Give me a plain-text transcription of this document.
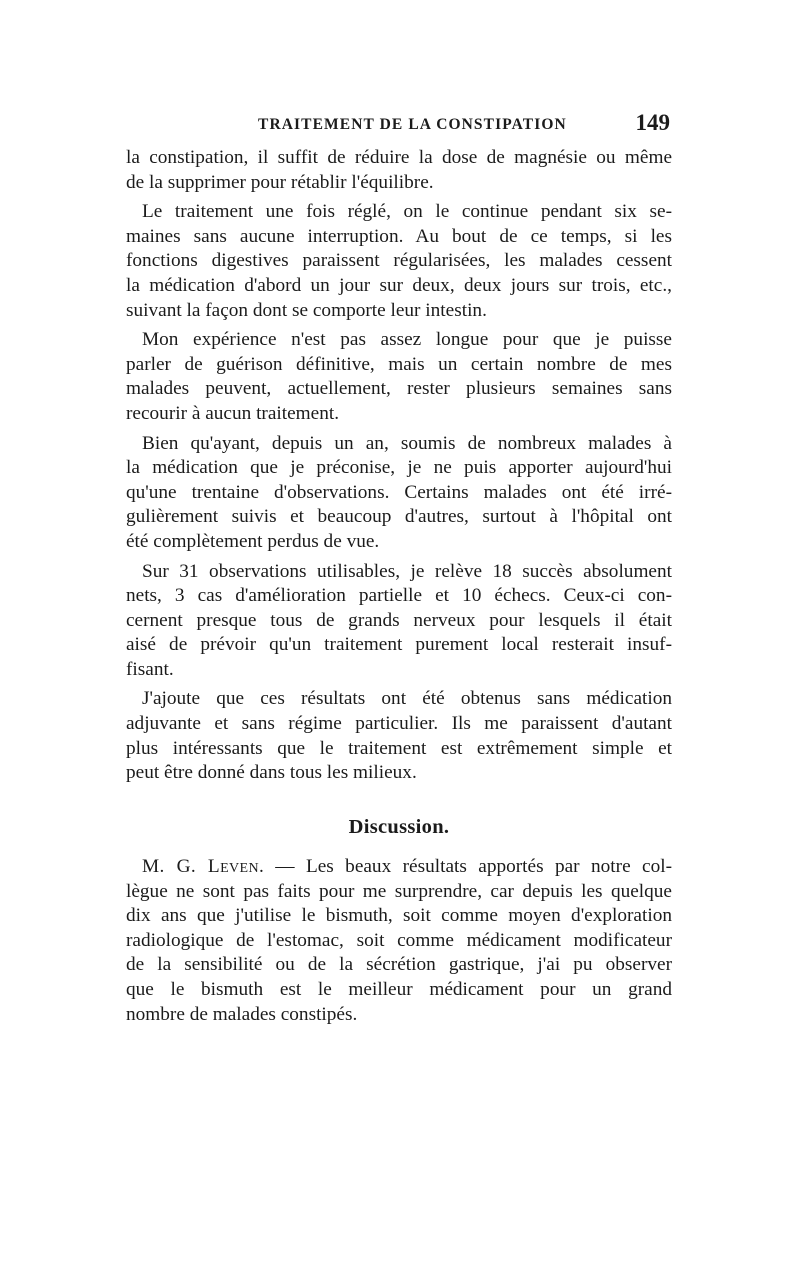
TRAITEMENT DE LA CONSTIPATION	149
la constipation, il suffit de réduire la dose de magnésie ou même
de la supprimer pour rétablir l'équilibre.
Le traitement une fois réglé, on le continue pendant six se-
maines sans aucune interruption. Au bout de ce temps, si les
fonctions digestives paraissent régularisées, les malades cessent
la médication d'abord un jour sur deux, deux jours sur trois, etc.,
suivant la façon dont se comporte leur intestin.
Mon expérience n'est pas assez longue pour que je puisse
parler de guérison définitive, mais un certain nombre de mes
malades peuvent, actuellement, rester plusieurs semaines sans
recourir à aucun traitement.
Bien qu'ayant, depuis un an, soumis de nombreux malades à
la médication que je préconise, je ne puis apporter aujourd'hui
qu'une trentaine d'observations. Certains malades ont été irré-
gulièrement suivis et beaucoup d'autres, surtout à l'hôpital ont
été complètement perdus de vue.
Sur 31 observations utilisables, je relève 18 succès absolument
nets, 3 cas d'amélioration partielle et 10 échecs. Ceux-ci con-
cernent presque tous de grands nerveux pour lesquels il était
aisé de prévoir qu'un traitement purement local resterait insuf-
fisant.
J'ajoute que ces résultats ont été obtenus sans médication
adjuvante et sans régime particulier. Ils me paraissent d'autant
plus intéressants que le traitement est extrêmement simple et
peut être donné dans tous les milieux.
Discussion.
M. G. Leven. — Les beaux résultats apportés par notre col-
lègue ne sont pas faits pour me surprendre, car depuis les quelque
dix ans que j'utilise le bismuth, soit comme moyen d'exploration
radiologique de l'estomac, soit comme médicament modificateur
de la sensibilité ou de la sécrétion gastrique, j'ai pu observer
que le bismuth est le meilleur médicament pour un grand
nombre de malades constipés.
